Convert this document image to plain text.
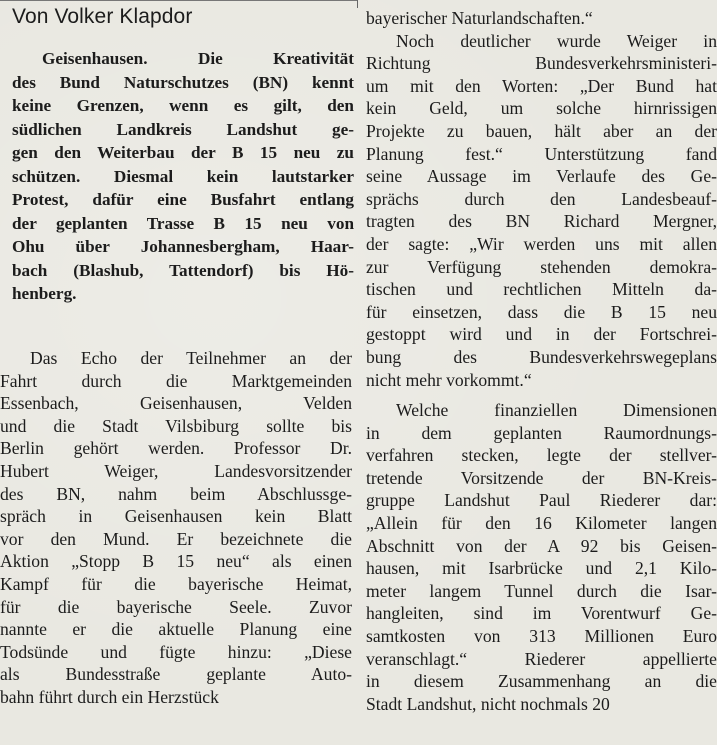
Von Volker Klapdor
Geisenhausen. Die Kreativität
des Bund Naturschutzes (BN) kennt
keine Grenzen, wenn es gilt, den
südlichen Landkreis Landshut ge-
gen den Weiterbau der B 15 neu zu
schützen. Diesmal kein lautstarker
Protest, dafür eine Busfahrt entlang
der geplanten Trasse B 15 neu von
Ohu über Johannesbergham, Haar-
bach (Blashub, Tattendorf) bis Hö-
henberg.
Das Echo der Teilnehmer an der
Fahrt durch die Marktgemeinden
Essenbach, Geisenhausen, Velden
und die Stadt Vilsbiburg sollte bis
Berlin gehört werden. Professor Dr.
Hubert Weiger, Landesvorsitzender
des BN, nahm beim Abschlussge-
spräch in Geisenhausen kein Blatt
vor den Mund. Er bezeichnete die
Aktion „Stopp B 15 neu“ als einen
Kampf für die bayerische Heimat,
für die bayerische Seele. Zuvor
nannte er die aktuelle Planung eine
Todsünde und fügte hinzu: „Diese
als Bundesstraße geplante Auto-
bahn führt durch ein Herzstück
bayerischer Naturlandschaften.“
Noch deutlicher wurde Weiger in
Richtung Bundesverkehrsministeri-
um mit den Worten: „Der Bund hat
kein Geld, um solche hirnrissigen
Projekte zu bauen, hält aber an der
Planung fest.“ Unterstützung fand
seine Aussage im Verlaufe des Ge-
sprächs durch den Landesbeauf-
tragten des BN Richard Mergner,
der sagte: „Wir werden uns mit allen
zur Verfügung stehenden demokra-
tischen und rechtlichen Mitteln da-
für einsetzen, dass die B 15 neu
gestoppt wird und in der Fortschrei-
bung des Bundesverkehrswegeplans
nicht mehr vorkommt.“
Welche finanziellen Dimensionen
in dem geplanten Raumordnungs-
verfahren stecken, legte der stellver-
tretende Vorsitzende der BN-Kreis-
gruppe Landshut Paul Riederer dar:
„Allein für den 16 Kilometer langen
Abschnitt von der A 92 bis Geisen-
hausen, mit Isarbrücke und 2,1 Kilo-
meter langem Tunnel durch die Isar-
hangleiten, sind im Vorentwurf Ge-
samtkosten von 313 Millionen Euro
veranschlagt.“ Riederer appellierte
in diesem Zusammenhang an die
Stadt Landshut, nicht nochmals 20
